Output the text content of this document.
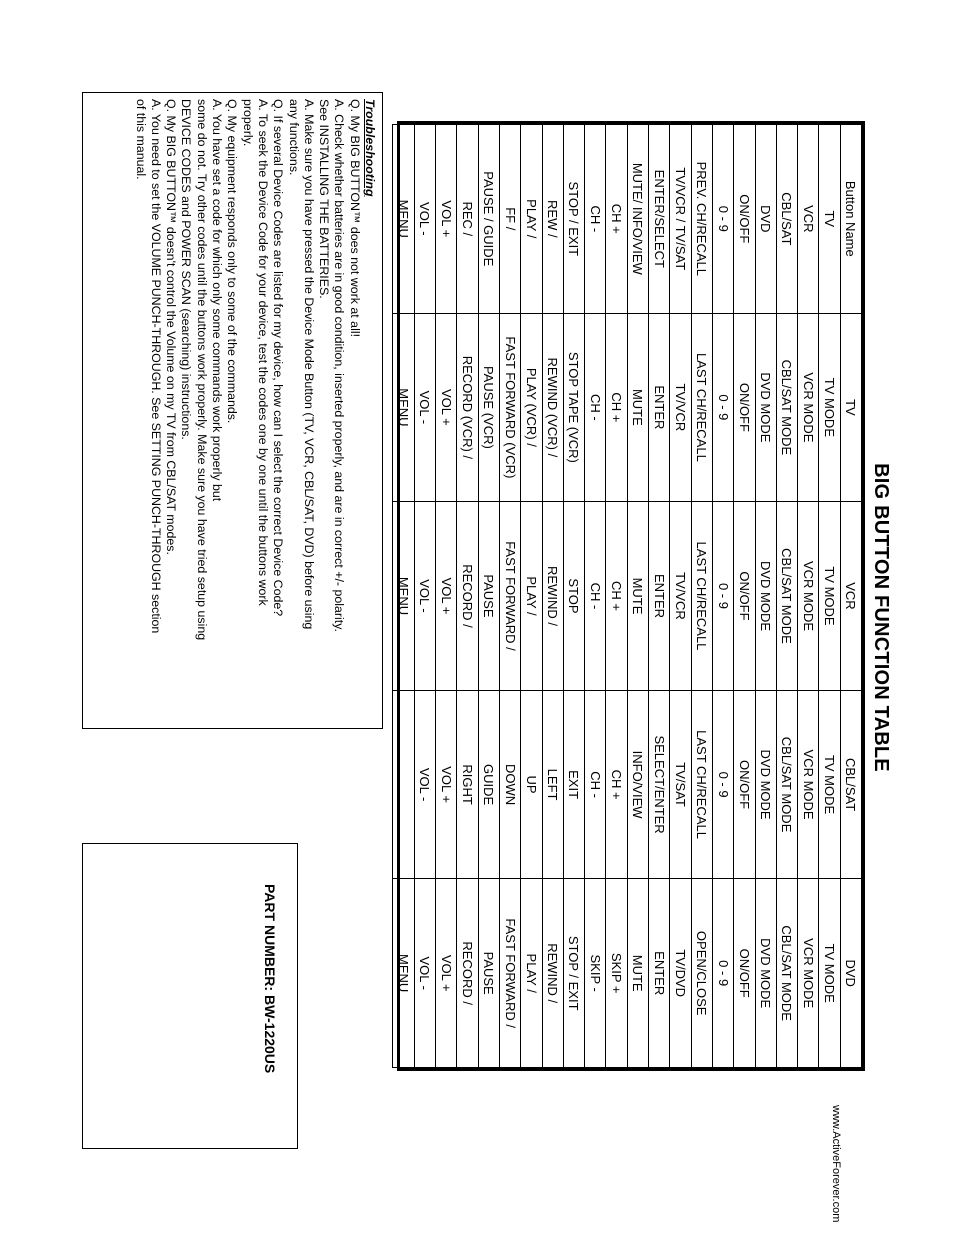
BIG BUTTON FUNCTION TABLE
Button Name	TV	VCR	CBL/SAT	DVD
TV	TV MODE	TV MODE	TV MODE	TV MODE
VCR	VCR MODE	VCR MODE	VCR MODE	VCR MODE
CBL/SAT	CBL/SAT MODE	CBL/SAT MODE	CBL/SAT MODE	CBL/SAT MODE
DVD	DVD MODE	DVD MODE	DVD MODE	DVD MODE
ON/OFF	ON/OFF	ON/OFF	ON/OFF	ON/OFF
0 - 9	0 - 9	0 - 9	0 - 9	0 - 9
PREV. CH/RECALL	LAST CH/RECALL	LAST CH/RECALL	LAST CH/RECALL	OPEN/CLOSE
TV/VCR / TV/SAT	TV/VCR	TV/VCR	TV/SAT	TV/DVD
ENTER/SELECT	ENTER	ENTER	SELECT/ENTER	ENTER
MUTE/ INFO/VIEW	MUTE	MUTE	INFO/VIEW	MUTE
CH +	CH +	CH +	CH +	SKIP +
CH -	CH -	CH -	CH -	SKIP -
STOP / EXIT	STOP TAPE (VCR)	STOP	EXIT	STOP / EXIT
REW /	REWIND (VCR) /	REWIND /	LEFT	REWIND /
PLAY /	PLAY (VCR) /	PLAY /	UP	PLAY /
FF /	FAST FORWARD (VCR)	FAST FORWARD /	DOWN	FAST FORWARD /
PAUSE / GUIDE	PAUSE (VCR)	PAUSE	GUIDE	PAUSE
REC /	RECORD (VCR) /	RECORD /	RIGHT	RECORD /
VOL +	VOL +	VOL +	VOL +	VOL +
VOL -	VOL -	VOL -	VOL -	VOL -
MENU	MENU	MENU		MENU
Troubleshooting
Q. My BIG BUTTON™ does not work at all!
A. Check whether batteries are in good condition, inserted properly, and are in correct +/- polarity.
See INSTALLING THE BATTERIES.
A. Make sure you have pressed the Device Mode Button (TV, VCR, CBL/SAT, DVD) before using
any functions.
Q. If several Device Codes are listed for my device, how can I select the correct Device Code?
A. To seek the Device Code for your device, test the codes one by one until the buttons work
properly.
Q. My equipment responds only to some of the commands.
A. You have set a code for which only some commands work properly but
some do not. Try other codes until the buttons work properly. Make sure you have tried setup using
DEVICE CODES and POWER SCAN (searching) instructions.
Q. My BIG BUTTON™ doesn't control the Volume on my TV from CBL/SAT modes.
A. You need to set the VOLUME PUNCH-THROUGH. See SETTING PUNCH-THROUGH section
of this manual.
PART NUMBER: BW-1220US
www.ActiveForever.com
